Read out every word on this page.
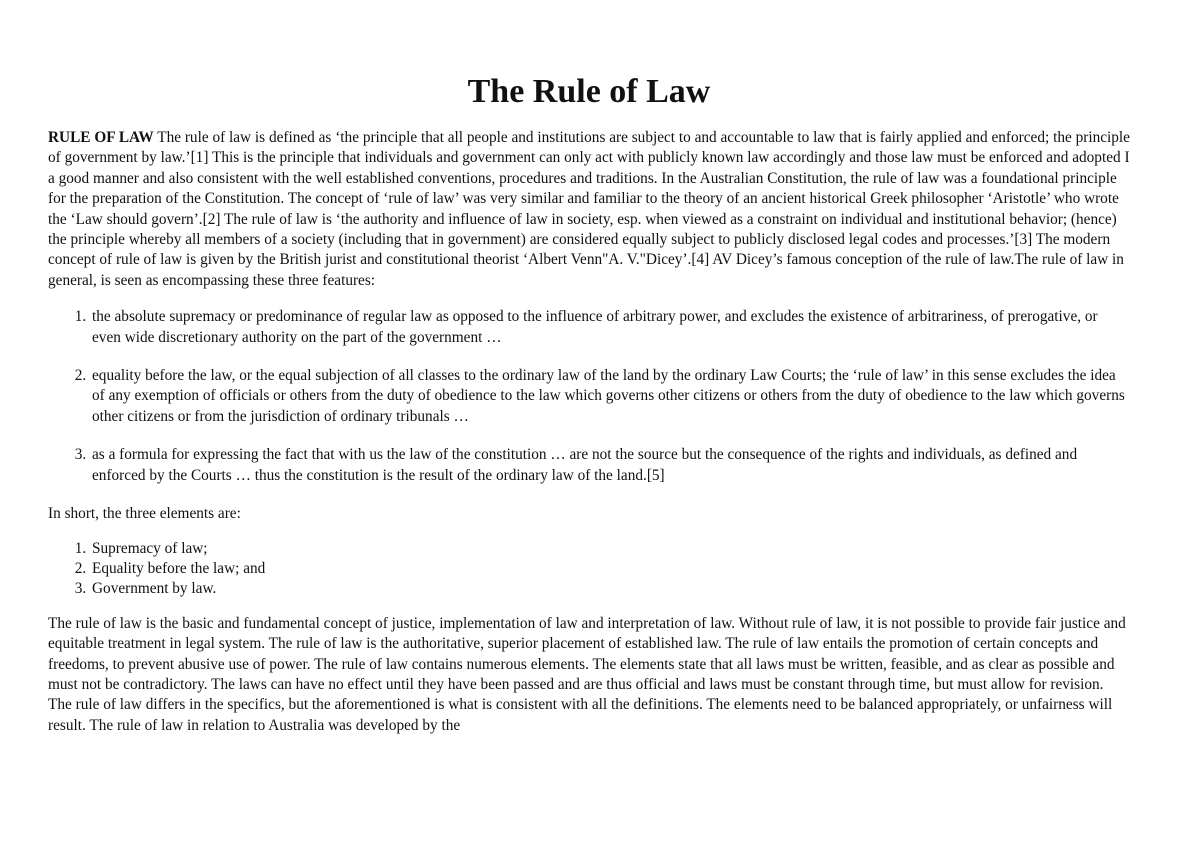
The Rule of Law

RULE OF LAW The rule of law is defined as ‘the principle that all people and institutions are subject to and accountable to law that is fairly applied and enforced; the principle of government by law.’[1] This is the principle that individuals and government can only act with publicly known law accordingly and those law must be enforced and adopted I a good manner and also consistent with the well established conventions, procedures and traditions. In the Australian Constitution, the rule of law was a foundational principle for the preparation of the Constitution. The concept of ‘rule of law’ was very similar and familiar to the theory of an ancient historical Greek philosopher ‘Aristotle’ who wrote the ‘Law should govern’.[2] The rule of law is ‘the authority and influence of law in society, esp. when viewed as a constraint on individual and institutional behavior; (hence) the principle whereby all members of a society (including that in government) are considered equally subject to publicly disclosed legal codes and processes.’[3] The modern concept of rule of law is given by the British jurist and constitutional theorist ‘Albert Venn"A. V."Dicey’.[4] AV Dicey’s famous conception of the rule of law.The rule of law in general, is seen as encompassing these three features:

1. the absolute supremacy or predominance of regular law as opposed to the influence of arbitrary power, and excludes the existence of arbitrariness, of prerogative, or even wide discretionary authority on the part of the government …
2. equality before the law, or the equal subjection of all classes to the ordinary law of the land by the ordinary Law Courts; the ‘rule of law’ in this sense excludes the idea of any exemption of officials or others from the duty of obedience to the law which governs other citizens or others from the duty of obedience to the law which governs other citizens or from the jurisdiction of ordinary tribunals …
3. as a formula for expressing the fact that with us the law of the constitution … are not the source but the consequence of the rights and individuals, as defined and enforced by the Courts … thus the constitution is the result of the ordinary law of the land.[5]

In short, the three elements are:

1. Supremacy of law;
2. Equality before the law; and
3. Government by law.

The rule of law is the basic and fundamental concept of justice, implementation of law and interpretation of law. Without rule of law, it is not possible to provide fair justice and equitable treatment in legal system. The rule of law is the authoritative, superior placement of established law. The rule of law entails the promotion of certain concepts and freedoms, to prevent abusive use of power. The rule of law contains numerous elements. The elements state that all laws must be written, feasible, and as clear as possible and must not be contradictory. The laws can have no effect until they have been passed and are thus official and laws must be constant through time, but must allow for revision. The rule of law differs in the specifics, but the aforementioned is what is consistent with all the definitions. The elements need to be balanced appropriately, or unfairness will result. The rule of law in relation to Australia was developed by the
